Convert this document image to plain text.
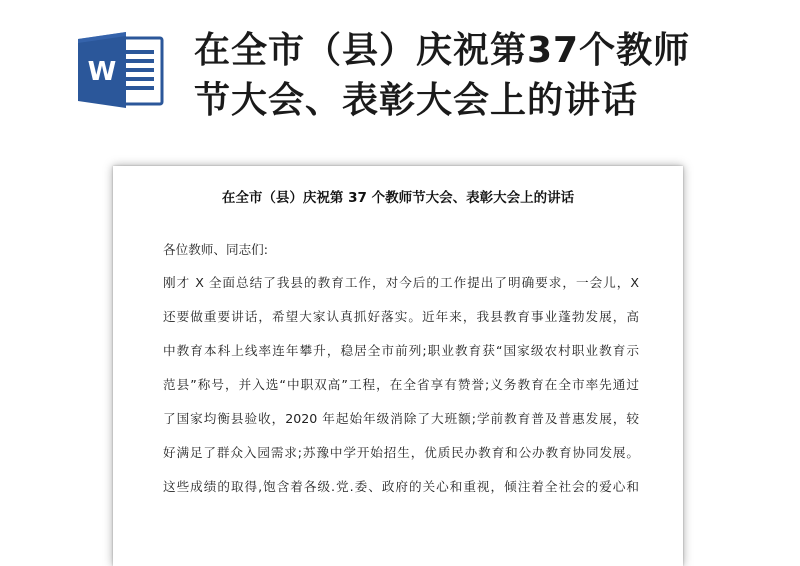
W
在全市（县）庆祝第37个教师
节大会、表彰大会上的讲话
在全市（县）庆祝第 37 个教师节大会、表彰大会上的讲话

各位教师、同志们:

刚才 X 全面总结了我县的教育工作，对今后的工作提出了明确要求，一会儿，X

还要做重要讲话，希望大家认真抓好落实。近年来，我县教育事业蓬勃发展，高

中教育本科上线率连年攀升，稳居全市前列;职业教育获“国家级农村职业教育示

范县”称号，并入选“中职双高”工程，在全省享有赞誉;义务教育在全市率先通过

了国家均衡县验收，2020 年起始年级消除了大班额;学前教育普及普惠发展，较

好满足了群众入园需求;苏豫中学开始招生，优质民办教育和公办教育协同发展。

这些成绩的取得,饱含着各级.党.委、政府的关心和重视，倾注着全社会的爱心和
